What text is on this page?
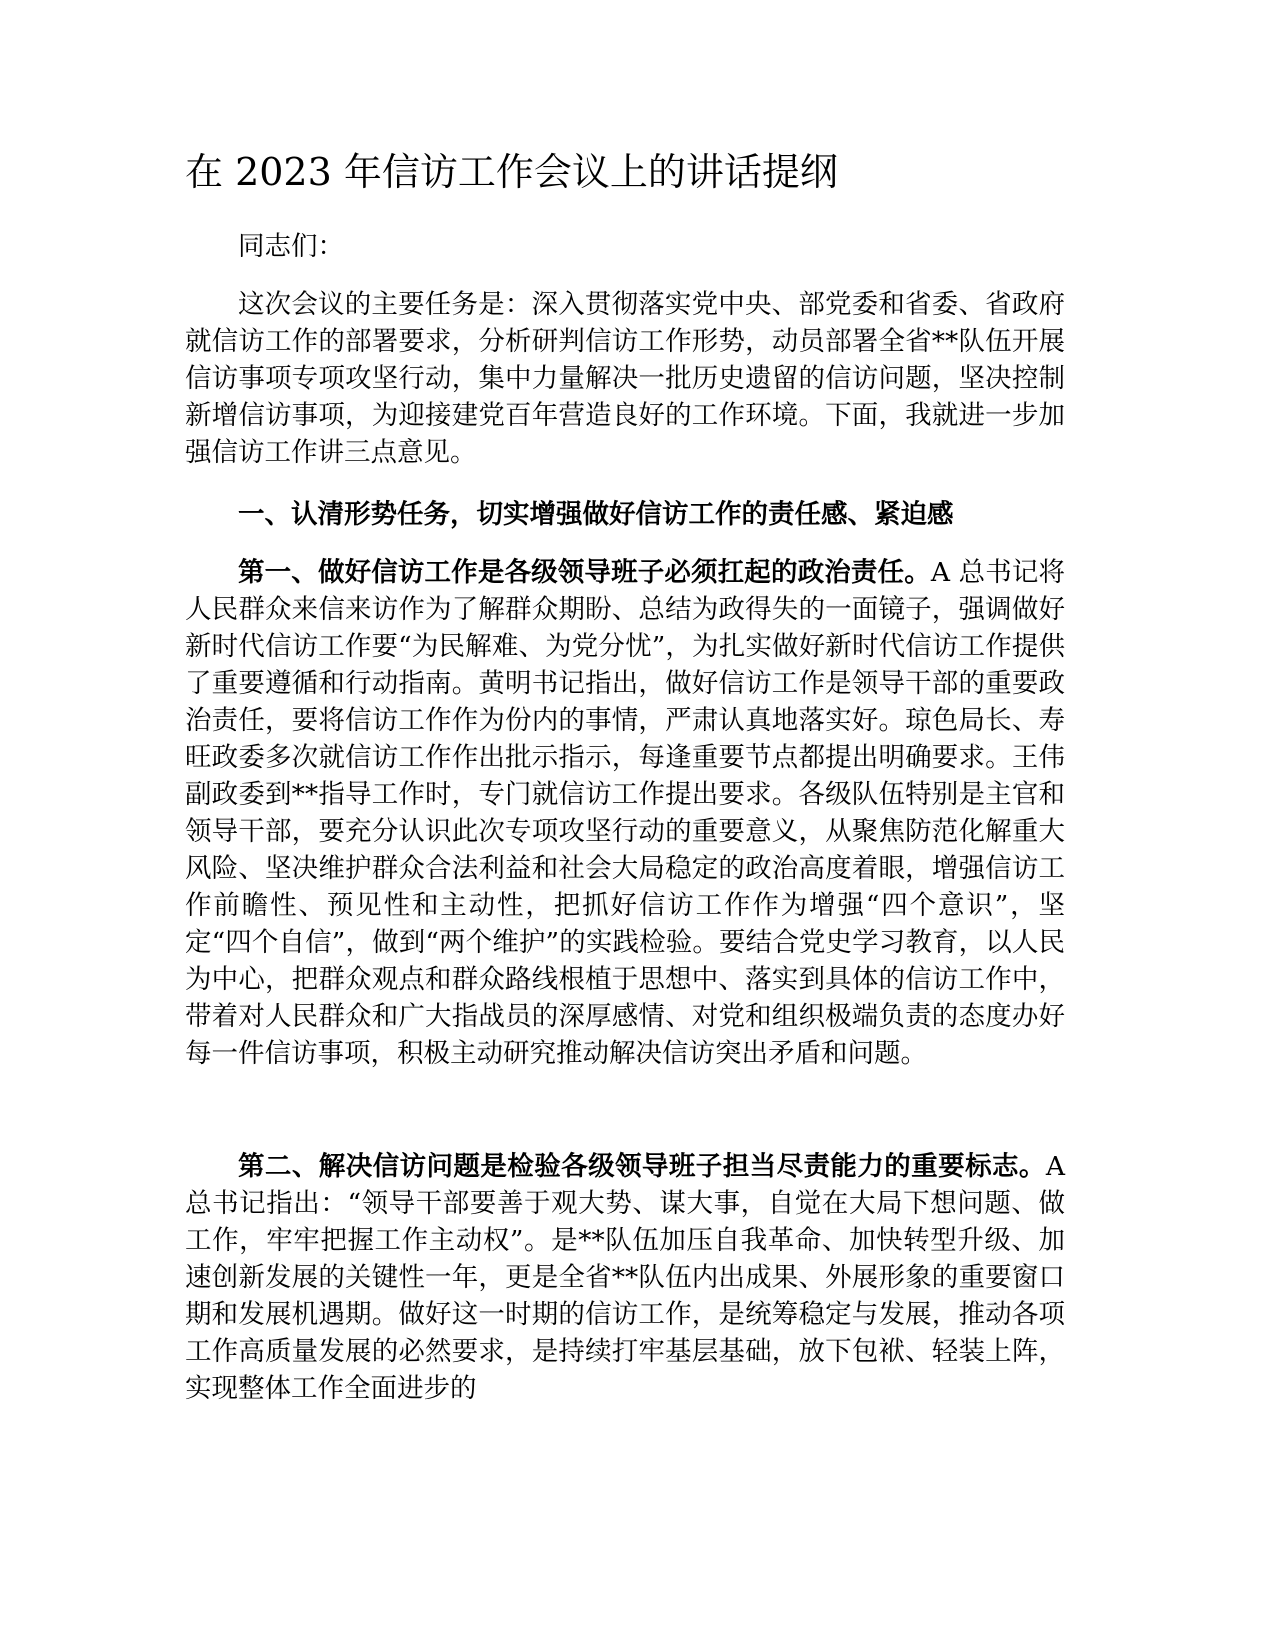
在 2023 年信访工作会议上的讲话提纲

同志们：

这次会议的主要任务是：深入贯彻落实党中央、部党委和省委、省政府就信访工作的部署要求，分析研判信访工作形势，动员部署全省**队伍开展信访事项专项攻坚行动，集中力量解决一批历史遗留的信访问题，坚决控制新增信访事项，为迎接建党百年营造良好的工作环境。下面，我就进一步加强信访工作讲三点意见。

一、认清形势任务，切实增强做好信访工作的责任感、紧迫感

第一、做好信访工作是各级领导班子必须扛起的政治责任。A 总书记将人民群众来信来访作为了解群众期盼、总结为政得失的一面镜子，强调做好新时代信访工作要“为民解难、为党分忧”，为扎实做好新时代信访工作提供了重要遵循和行动指南。黄明书记指出，做好信访工作是领导干部的重要政治责任，要将信访工作作为份内的事情，严肃认真地落实好。琼色局长、寿旺政委多次就信访工作作出批示指示，每逢重要节点都提出明确要求。王伟副政委到**指导工作时，专门就信访工作提出要求。各级队伍特别是主官和领导干部，要充分认识此次专项攻坚行动的重要意义，从聚焦防范化解重大风险、坚决维护群众合法利益和社会大局稳定的政治高度着眼，增强信访工作前瞻性、预见性和主动性，把抓好信访工作作为增强“四个意识”，坚定“四个自信”，做到“两个维护”的实践检验。要结合党史学习教育，以人民为中心，把群众观点和群众路线根植于思想中、落实到具体的信访工作中，带着对人民群众和广大指战员的深厚感情、对党和组织极端负责的态度办好每一件信访事项，积极主动研究推动解决信访突出矛盾和问题。

第二、解决信访问题是检验各级领导班子担当尽责能力的重要标志。A 总书记指出：“领导干部要善于观大势、谋大事，自觉在大局下想问题、做工作，牢牢把握工作主动权”。是**队伍加压自我革命、加快转型升级、加速创新发展的关键性一年，更是全省**队伍内出成果、外展形象的重要窗口期和发展机遇期。做好这一时期的信访工作，是统筹稳定与发展，推动各项工作高质量发展的必然要求，是持续打牢基层基础，放下包袱、轻装上阵，实现整体工作全面进步的
